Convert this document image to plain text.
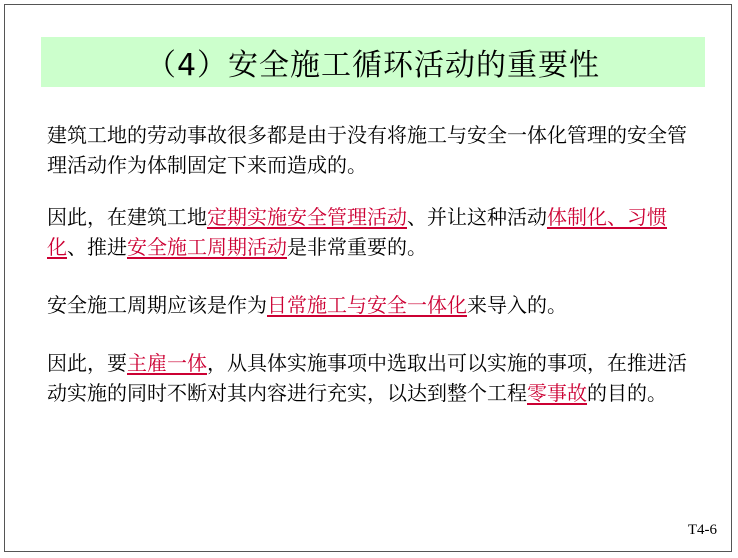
（4）安全施工循环活动的重要性
建筑工地的劳动事故很多都是由于没有将施工与安全一体化管理的安全管理活动作为体制固定下来而造成的。
因此，在建筑工地定期实施安全管理活动、并让这种活动体制化、习惯化、推进安全施工周期活动是非常重要的。
安全施工周期应该是作为日常施工与安全一体化来导入的。
因此，要主雇一体，从具体实施事项中选取出可以实施的事项，在推进活动实施的同时不断对其内容进行充实，以达到整个工程零事故的目的。
T4-6
